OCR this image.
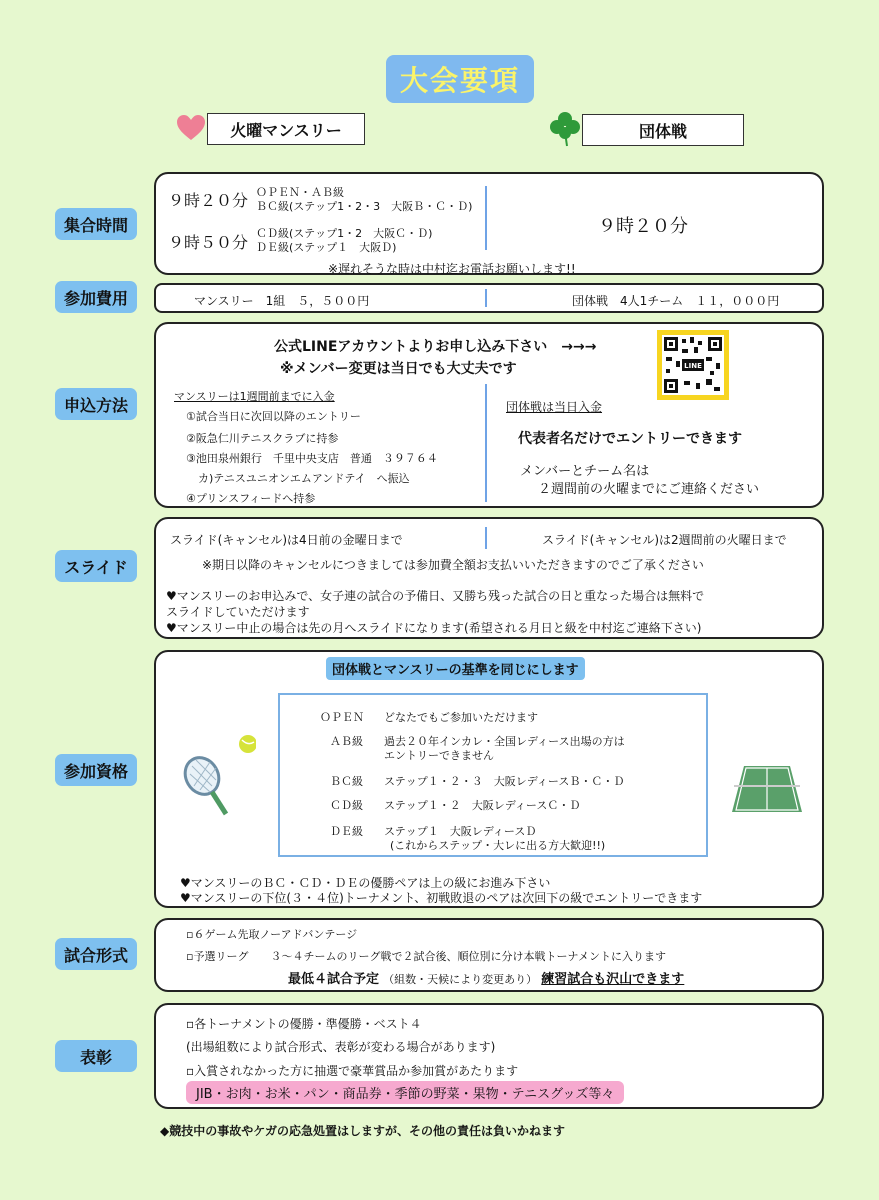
大会要項
火曜マンスリー	団体戦
集合時間
参加費用
申込方法
スライド
参加資格
試合形式
表彰
９時２０分 ＯＰＥＮ・ＡＢ級
ＢＣ級(ステップ1・2・3　大阪Ｂ・Ｃ・Ｄ)
９時５０分 ＣＤ級(ステップ1・2　大阪Ｃ・Ｄ)
ＤＥ級(ステップ１　大阪Ｄ)
９時２０分
※遅れそうな時は中村迄お電話お願いします!!
マンスリー　1組　５，５００円	団体戦　4人1チーム　１１，０００円
公式LINEアカウントよりお申し込み下さい　→→→
※メンバー変更は当日でも大丈夫です	LINE
マンスリーは1週間前までに入金
①試合当日に次回以降のエントリー
②阪急仁川テニスクラブに持参
③池田泉州銀行　千里中央支店　普通　３９７６４
カ)テニスユニオンエムアンドテイ　へ振込
④プリンスフィードへ持参
団体戦は当日入金
代表者名だけでエントリーできます
メンバーとチーム名は
２週間前の火曜までにご連絡ください
スライド(キャンセル)は4日前の金曜日まで	スライド(キャンセル)は2週間前の火曜日まで
※期日以降のキャンセルにつきましては参加費全額お支払いいただきますのでご了承ください
♥マンスリーのお申込みで、女子連の試合の予備日、又勝ち残った試合の日と重なった場合は無料で
スライドしていただけます
♥マンスリー中止の場合は先の月へスライドになります(希望される月日と級を中村迄ご連絡下さい)
団体戦とマンスリーの基準を同じにします
ＯＰＥＮ どなたでもご参加いただけます
ＡＢ級 過去２０年インカレ・全国レディース出場の方は
エントリーできません
ＢＣ級 ステップ１・２・３　大阪レディースＢ・Ｃ・Ｄ
ＣＤ級 ステップ１・２　大阪レディースＣ・Ｄ
ＤＥ級 ステップ１　大阪レディースＤ
(これからステップ・大レに出る方大歓迎!!)
♥マンスリーのＢＣ・ＣＤ・ＤＥの優勝ペアは上の級にお進み下さい
♥マンスリーの下位(３・４位)トーナメント、初戦敗退のペアは次回下の級でエントリーできます
▫６ゲーム先取ノーアドバンテージ
▫予選リーグ　　３～４チームのリーグ戦で２試合後、順位別に分け本戦トーナメントに入ります
最低４試合予定 （組数・天候により変更あり） 練習試合も沢山できます
▫各トーナメントの優勝・準優勝・ベスト４
(出場組数により試合形式、表彰が変わる場合があります)
▫入賞されなかった方に抽選で豪華賞品か参加賞があたります
JIB・お肉・お米・パン・商品券・季節の野菜・果物・テニスグッズ等々
◆競技中の事故やケガの応急処置はしますが、その他の責任は負いかねます
